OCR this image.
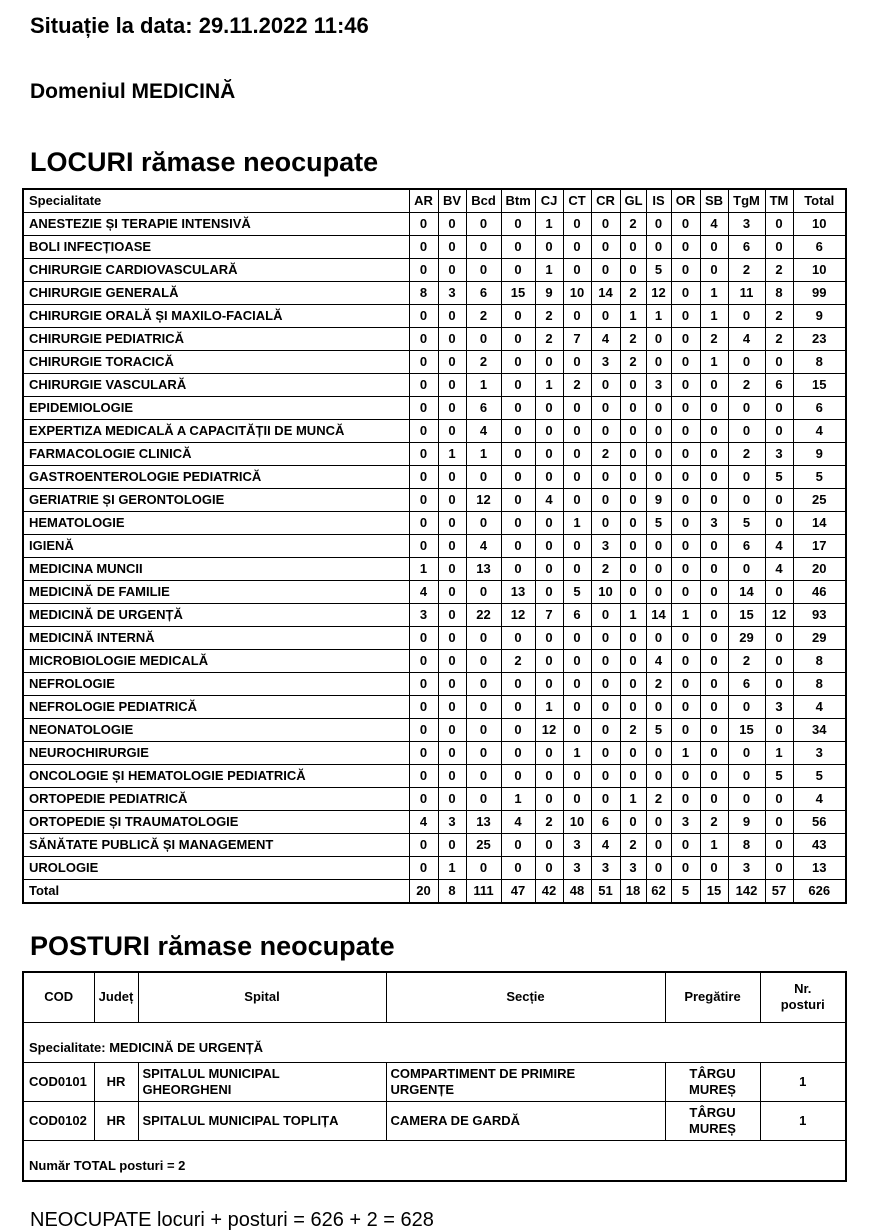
Situație la data: 29.11.2022 11:46
Domeniul MEDICINĂ
LOCURI rămase neocupate
Specialitate	AR	BV	Bcd	Btm	CJ	CT	CR	GL	IS	OR	SB	TgM	TM	Total
ANESTEZIE ȘI TERAPIE INTENSIVĂ	0	0	0	0	1	0	0	2	0	0	4	3	0	10
BOLI INFECȚIOASE	0	0	0	0	0	0	0	0	0	0	0	6	0	6
CHIRURGIE CARDIOVASCULARĂ	0	0	0	0	1	0	0	0	5	0	0	2	2	10
CHIRURGIE GENERALĂ	8	3	6	15	9	10	14	2	12	0	1	11	8	99
CHIRURGIE ORALĂ ȘI MAXILO-FACIALĂ	0	0	2	0	2	0	0	1	1	0	1	0	2	9
CHIRURGIE PEDIATRICĂ	0	0	0	0	2	7	4	2	0	0	2	4	2	23
CHIRURGIE TORACICĂ	0	0	2	0	0	0	3	2	0	0	1	0	0	8
CHIRURGIE VASCULARĂ	0	0	1	0	1	2	0	0	3	0	0	2	6	15
EPIDEMIOLOGIE	0	0	6	0	0	0	0	0	0	0	0	0	0	6
EXPERTIZA MEDICALĂ A CAPACITĂȚII DE MUNCĂ	0	0	4	0	0	0	0	0	0	0	0	0	0	4
FARMACOLOGIE CLINICĂ	0	1	1	0	0	0	2	0	0	0	0	2	3	9
GASTROENTEROLOGIE PEDIATRICĂ	0	0	0	0	0	0	0	0	0	0	0	0	5	5
GERIATRIE ȘI GERONTOLOGIE	0	0	12	0	4	0	0	0	9	0	0	0	0	25
HEMATOLOGIE	0	0	0	0	0	1	0	0	5	0	3	5	0	14
IGIENĂ	0	0	4	0	0	0	3	0	0	0	0	6	4	17
MEDICINA MUNCII	1	0	13	0	0	0	2	0	0	0	0	0	4	20
MEDICINĂ DE FAMILIE	4	0	0	13	0	5	10	0	0	0	0	14	0	46
MEDICINĂ DE URGENȚĂ	3	0	22	12	7	6	0	1	14	1	0	15	12	93
MEDICINĂ INTERNĂ	0	0	0	0	0	0	0	0	0	0	0	29	0	29
MICROBIOLOGIE MEDICALĂ	0	0	0	2	0	0	0	0	4	0	0	2	0	8
NEFROLOGIE	0	0	0	0	0	0	0	0	2	0	0	6	0	8
NEFROLOGIE PEDIATRICĂ	0	0	0	0	1	0	0	0	0	0	0	0	3	4
NEONATOLOGIE	0	0	0	0	12	0	0	2	5	0	0	15	0	34
NEUROCHIRURGIE	0	0	0	0	0	1	0	0	0	1	0	0	1	3
ONCOLOGIE ȘI HEMATOLOGIE PEDIATRICĂ	0	0	0	0	0	0	0	0	0	0	0	0	5	5
ORTOPEDIE PEDIATRICĂ	0	0	0	1	0	0	0	1	2	0	0	0	0	4
ORTOPEDIE ȘI TRAUMATOLOGIE	4	3	13	4	2	10	6	0	0	3	2	9	0	56
SĂNĂTATE PUBLICĂ ȘI MANAGEMENT	0	0	25	0	0	3	4	2	0	0	1	8	0	43
UROLOGIE	0	1	0	0	0	3	3	3	0	0	0	3	0	13
Total	20	8	111	47	42	48	51	18	62	5	15	142	57	626
POSTURI rămase neocupate
COD	Județ	Spital	Secție	Pregătire	Nr. posturi
Specialitate: MEDICINĂ DE URGENȚĂ					
COD0101	HR	SPITALUL MUNICIPAL GHEORGHENI	COMPARTIMENT DE PRIMIRE URGENȚE	TÂRGU MUREȘ	1
COD0102	HR	SPITALUL MUNICIPAL TOPLIȚA	CAMERA DE GARDĂ	TÂRGU MUREȘ	1
Număr TOTAL posturi = 2					

NEOCUPATE locuri + posturi = 626 + 2 = 628
